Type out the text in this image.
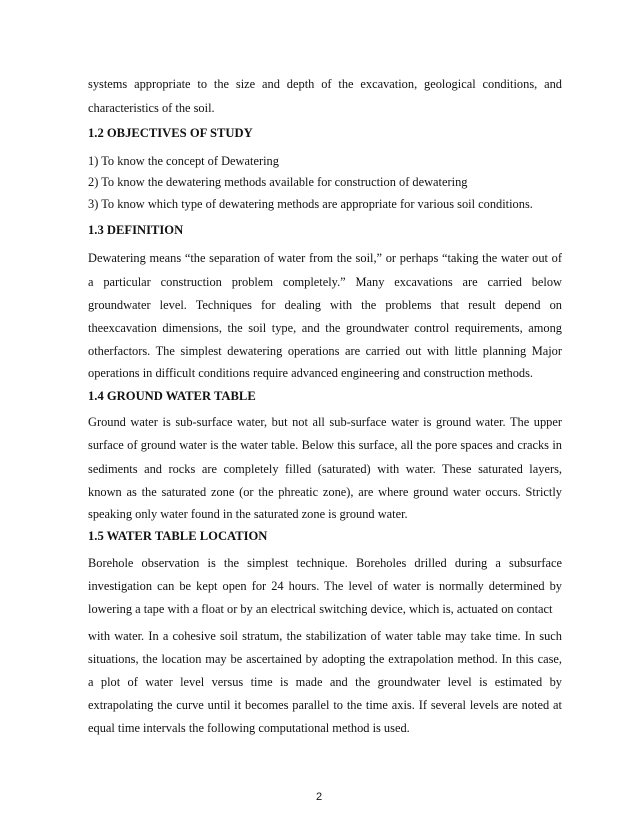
systems appropriate to the size and depth of the excavation, geological conditions, and
characteristics of the soil.
1.2 OBJECTIVES OF STUDY
1) To know the concept of Dewatering
2) To know the dewatering methods available for construction of dewatering
3) To know which type of dewatering methods are appropriate for various soil conditions.
1.3 DEFINITION
Dewatering means “the separation of water from the soil,” or perhaps “taking the water out of
a particular construction problem completely.” Many excavations are carried below
groundwater level. Techniques for dealing with the problems that result depend on
theexcavation dimensions, the soil type, and the groundwater control requirements, among
otherfactors. The simplest dewatering operations are carried out with little planning Major
operations in difficult conditions require advanced engineering and construction methods.
1.4 GROUND WATER TABLE
Ground water is sub-surface water, but not all sub-surface water is ground water. The upper
surface of ground water is the water table. Below this surface, all the pore spaces and cracks in
sediments and rocks are completely filled (saturated) with water. These saturated layers,
known as the saturated zone (or the phreatic zone), are where ground water occurs. Strictly
speaking only water found in the saturated zone is ground water.
1.5 WATER TABLE LOCATION
Borehole observation is the simplest technique. Boreholes drilled during a subsurface
investigation can be kept open for 24 hours. The level of water is normally determined by
lowering a tape with a float or by an electrical switching device, which is, actuated on contact
with water. In a cohesive soil stratum, the stabilization of water table may take time. In such
situations, the location may be ascertained by adopting the extrapolation method. In this case,
a plot of water level versus time is made and the groundwater level is estimated by
extrapolating the curve until it becomes parallel to the time axis. If several levels are noted at
equal time intervals the following computational method is used.
2
